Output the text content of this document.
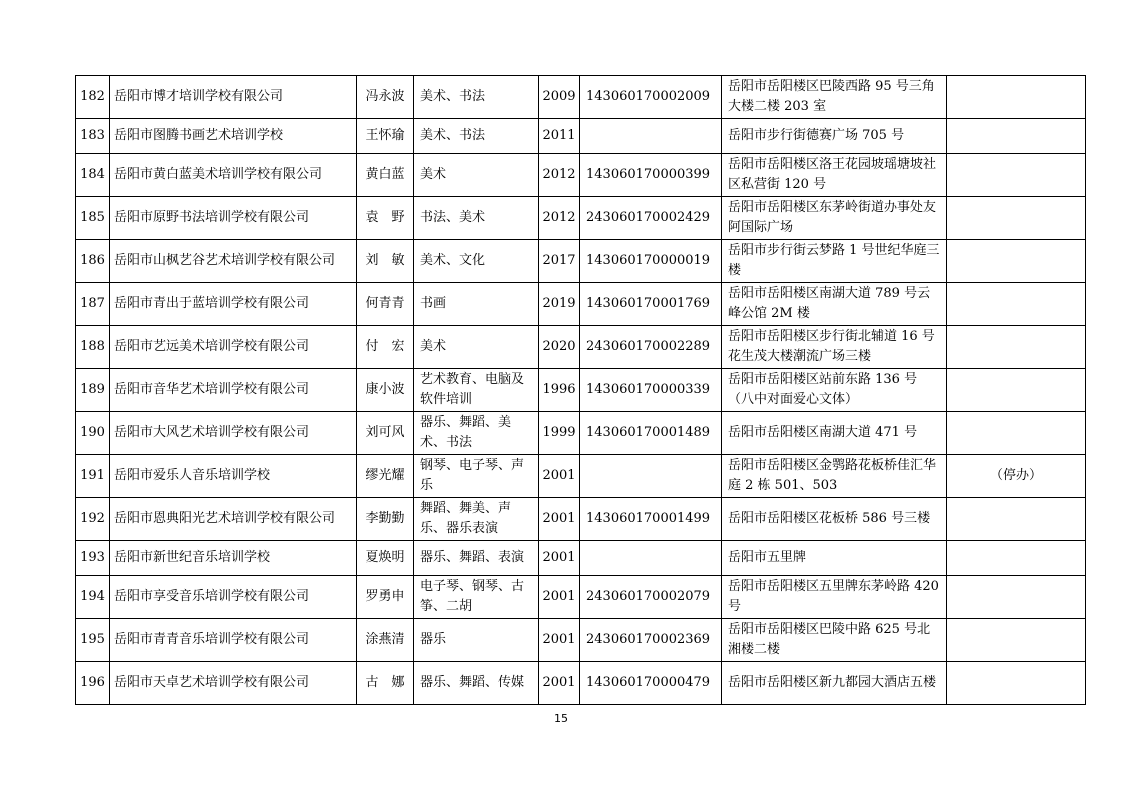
182	岳阳市博才培训学校有限公司	冯永波	美术、书法	2009	143060170002009	岳阳市岳阳楼区巴陵西路 95 号三角大楼二楼 203 室	
183	岳阳市图腾书画艺术培训学校	王怀瑜	美术、书法	2011		岳阳市步行街德赛广场 705 号	
184	岳阳市黄白蓝美术培训学校有限公司	黄白蓝	美术	2012	143060170000399	岳阳市岳阳楼区洛王花园坡瑶塘坡社区私营街 120 号	
185	岳阳市原野书法培训学校有限公司	袁　野	书法、美术	2012	243060170002429	岳阳市岳阳楼区东茅岭街道办事处友阿国际广场	
186	岳阳市山枫艺谷艺术培训学校有限公司	刘　敏	美术、文化	2017	143060170000019	岳阳市步行街云梦路 1 号世纪华庭三楼	
187	岳阳市青出于蓝培训学校有限公司	何青青	书画	2019	143060170001769	岳阳市岳阳楼区南湖大道 789 号云峰公馆 2M 楼	
188	岳阳市艺远美术培训学校有限公司	付　宏	美术	2020	243060170002289	岳阳市岳阳楼区步行街北辅道 16 号花生茂大楼潮流广场三楼	
189	岳阳市音华艺术培训学校有限公司	康小波	艺术教育、电脑及软件培训	1996	143060170000339	岳阳市岳阳楼区站前东路 136 号（八中对面爱心文体）	
190	岳阳市大风艺术培训学校有限公司	刘可风	器乐、舞蹈、美术、书法	1999	143060170001489	岳阳市岳阳楼区南湖大道 471 号	
191	岳阳市爱乐人音乐培训学校	缪光耀	钢琴、电子琴、声乐	2001		岳阳市岳阳楼区金鹗路花板桥佳汇华庭 2 栋 501、503	（停办）
192	岳阳市恩典阳光艺术培训学校有限公司	李勤勤	舞蹈、舞美、声乐、器乐表演	2001	143060170001499	岳阳市岳阳楼区花板桥 586 号三楼	
193	岳阳市新世纪音乐培训学校	夏焕明	器乐、舞蹈、表演	2001		岳阳市五里牌	
194	岳阳市享受音乐培训学校有限公司	罗勇申	电子琴、钢琴、古筝、二胡	2001	243060170002079	岳阳市岳阳楼区五里牌东茅岭路 420 号	
195	岳阳市青青音乐培训学校有限公司	涂燕清	器乐	2001	243060170002369	岳阳市岳阳楼区巴陵中路 625 号北湘楼二楼	
196	岳阳市天卓艺术培训学校有限公司	古　娜	器乐、舞蹈、传媒	2001	143060170000479	岳阳市岳阳楼区新九都园大酒店五楼	
15
